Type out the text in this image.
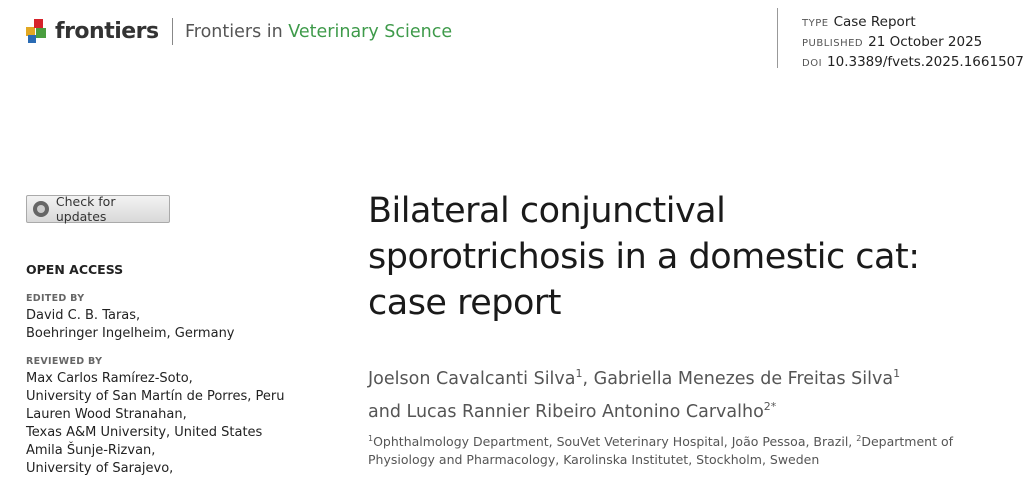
frontiers Frontiers in Veterinary Science	TYPE Case Report
PUBLISHED 21 October 2025
DOI 10.3389/fvets.2025.1661507
Check for updates
OPEN ACCESS
EDITED BY
David C. B. Taras,
Boehringer Ingelheim, Germany
REVIEWED BY
Max Carlos Ramírez-Soto,
University of San Martín de Porres, Peru
Lauren Wood Stranahan,
Texas A&M University, United States
Amila Šunje-Rizvan,
University of Sarajevo,
Bilateral conjunctival
sporotrichosis in a domestic cat:
case report
Joelson Cavalcanti Silva$^1$, Gabriella Menezes de Freitas Silva$^1$
and Lucas Rannier Ribeiro Antonino Carvalho$^{2*}$
$^1$Ophthalmology Department, SouVet Veterinary Hospital, João Pessoa, Brazil, $^2$Department of Physiology and Pharmacology, Karolinska Institutet, Stockholm, Sweden
